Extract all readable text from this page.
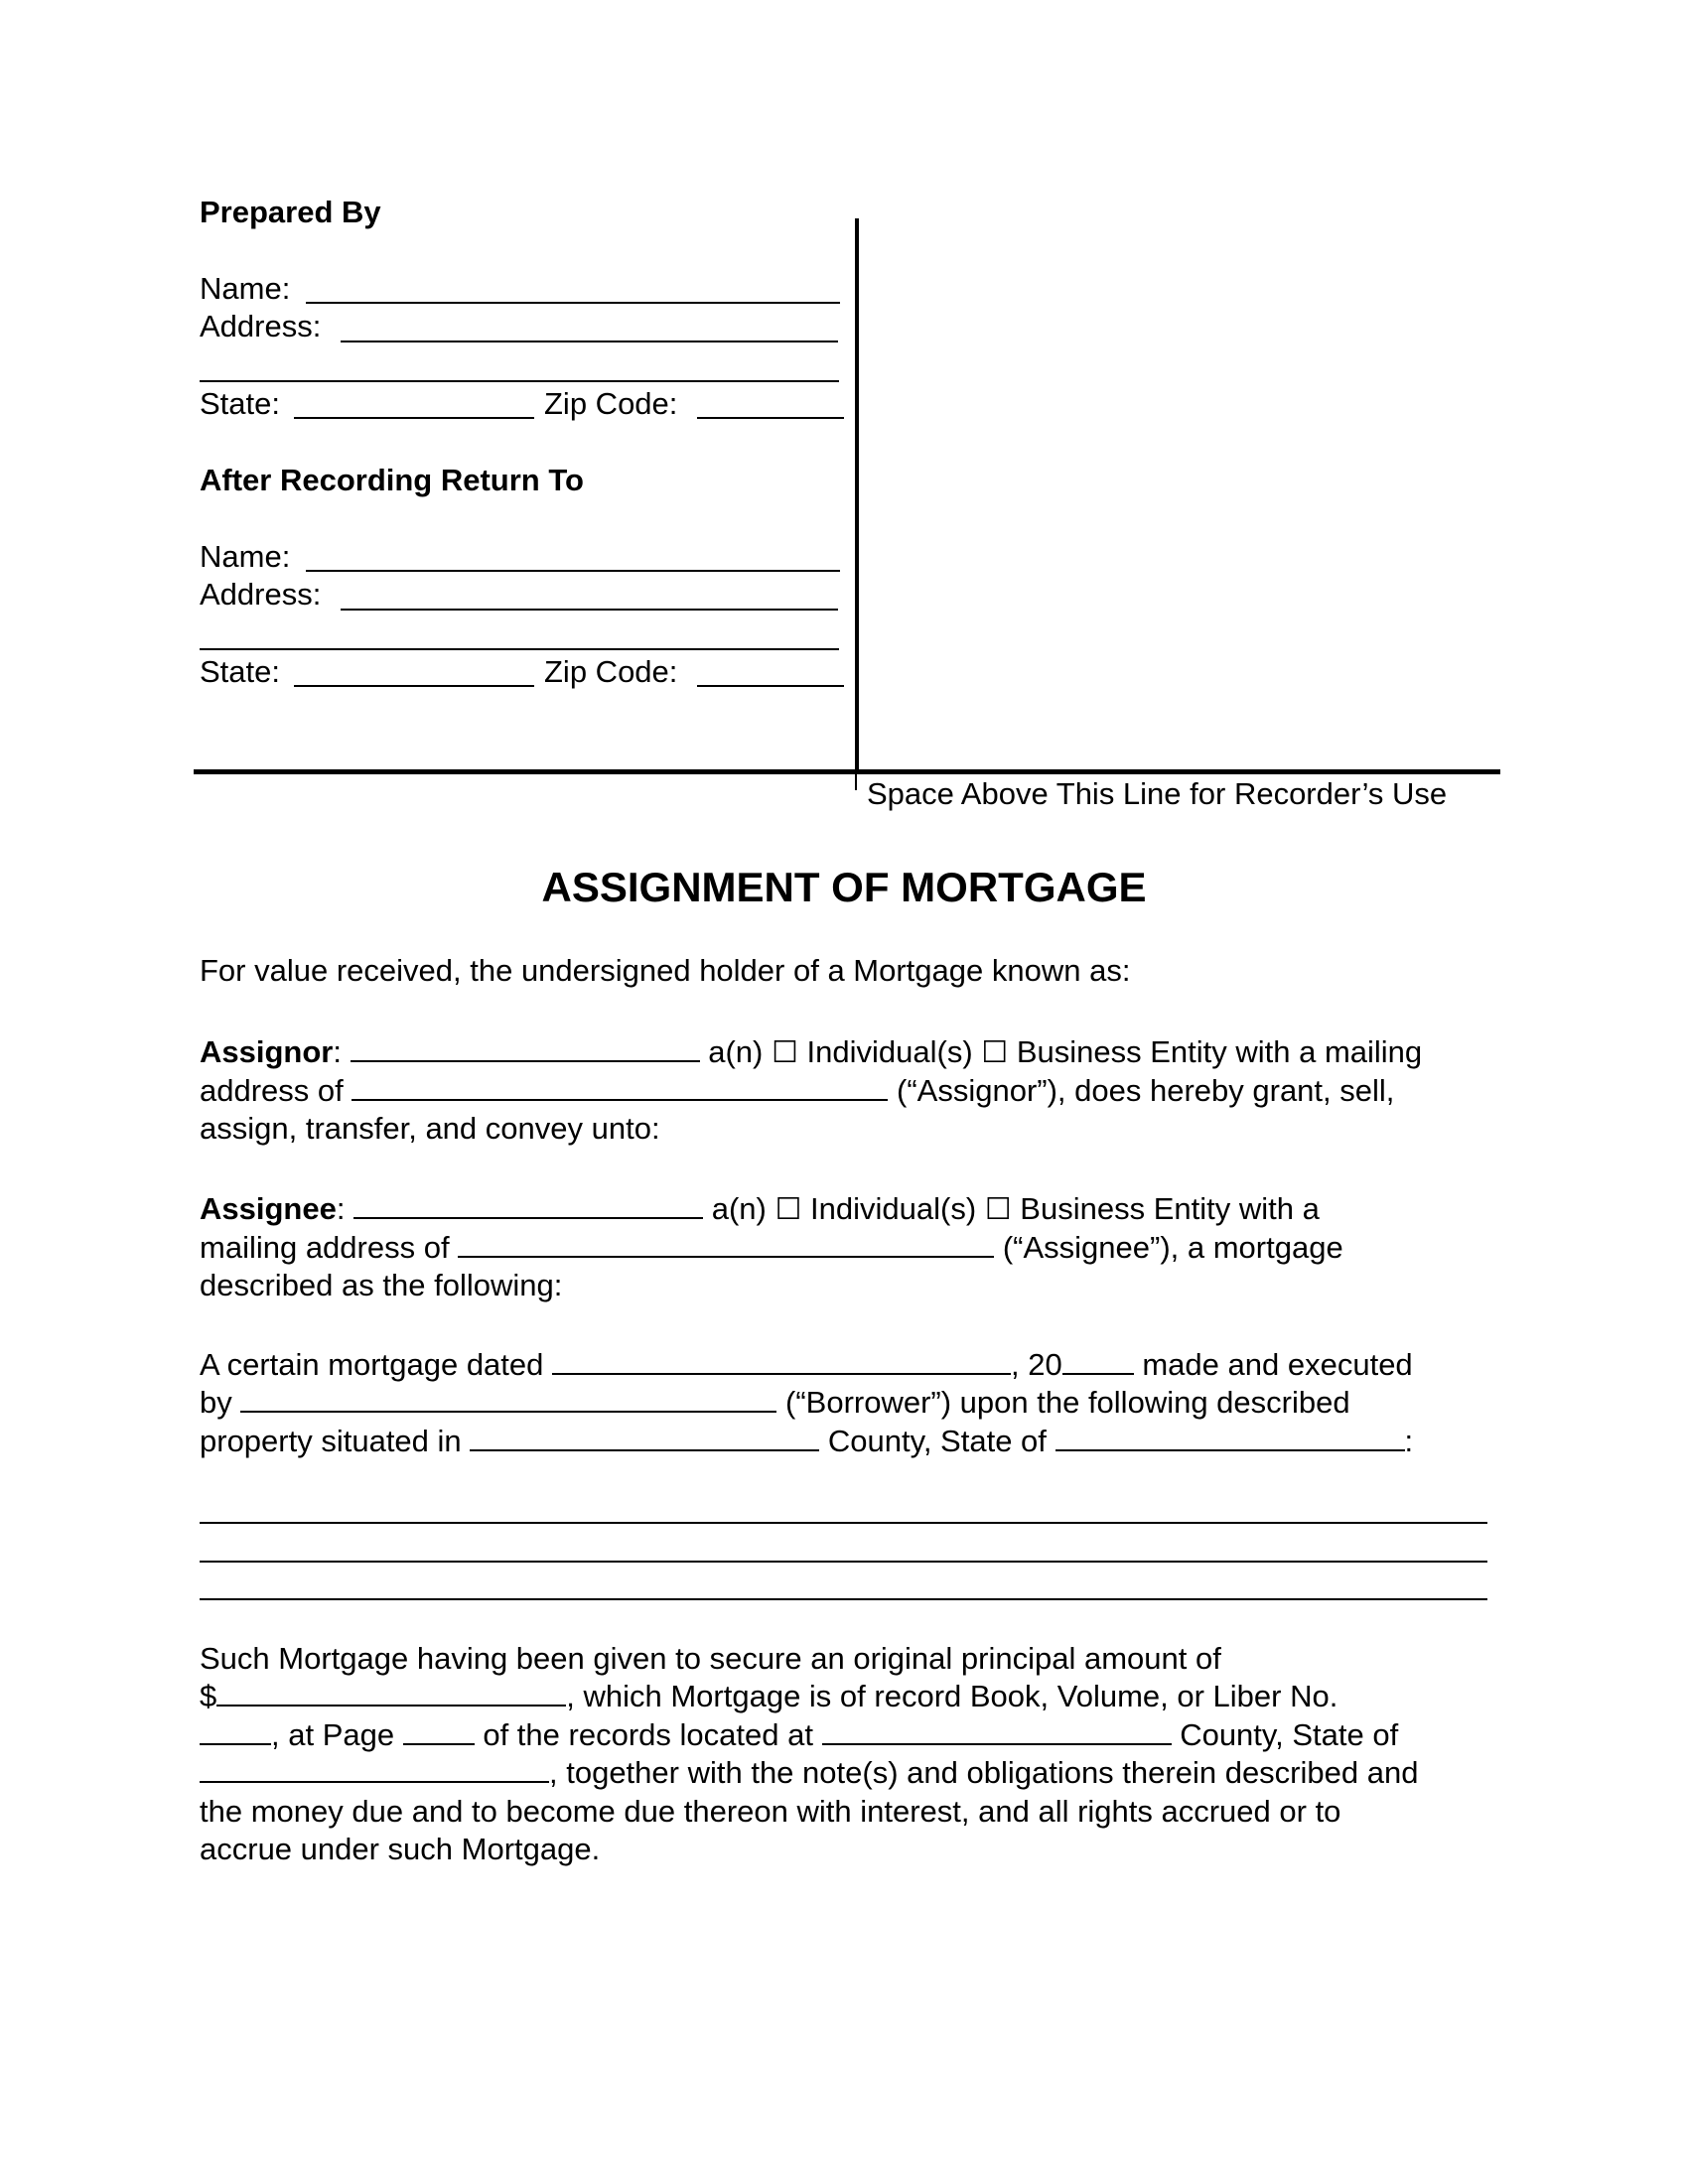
Prepared By
Name:
Address:
State:	Zip Code:
After Recording Return To
Name:
Address:
State:	Zip Code:
Space Above This Line for Recorder’s Use
ASSIGNMENT OF MORTGAGE
For value received, the undersigned holder of a Mortgage known as:
Assignor:	a(n) ☐ Individual(s) ☐ Business Entity with a mailing
address of	(“Assignor”), does hereby grant, sell,
assign, transfer, and convey unto:
Assignee:	a(n) ☐ Individual(s) ☐ Business Entity with a
mailing address of	(“Assignee”), a mortgage
described as the following:
A certain mortgage dated	, 20	made and executed
by	(“Borrower”) upon the following described
property situated in	County, State of	:
Such Mortgage having been given to secure an original principal amount of
$	, which Mortgage is of record Book, Volume, or Liber No.
, at Page	of the records located at	County, State of
, together with the note(s) and obligations therein described and
the money due and to become due thereon with interest, and all rights accrued or to
accrue under such Mortgage.
